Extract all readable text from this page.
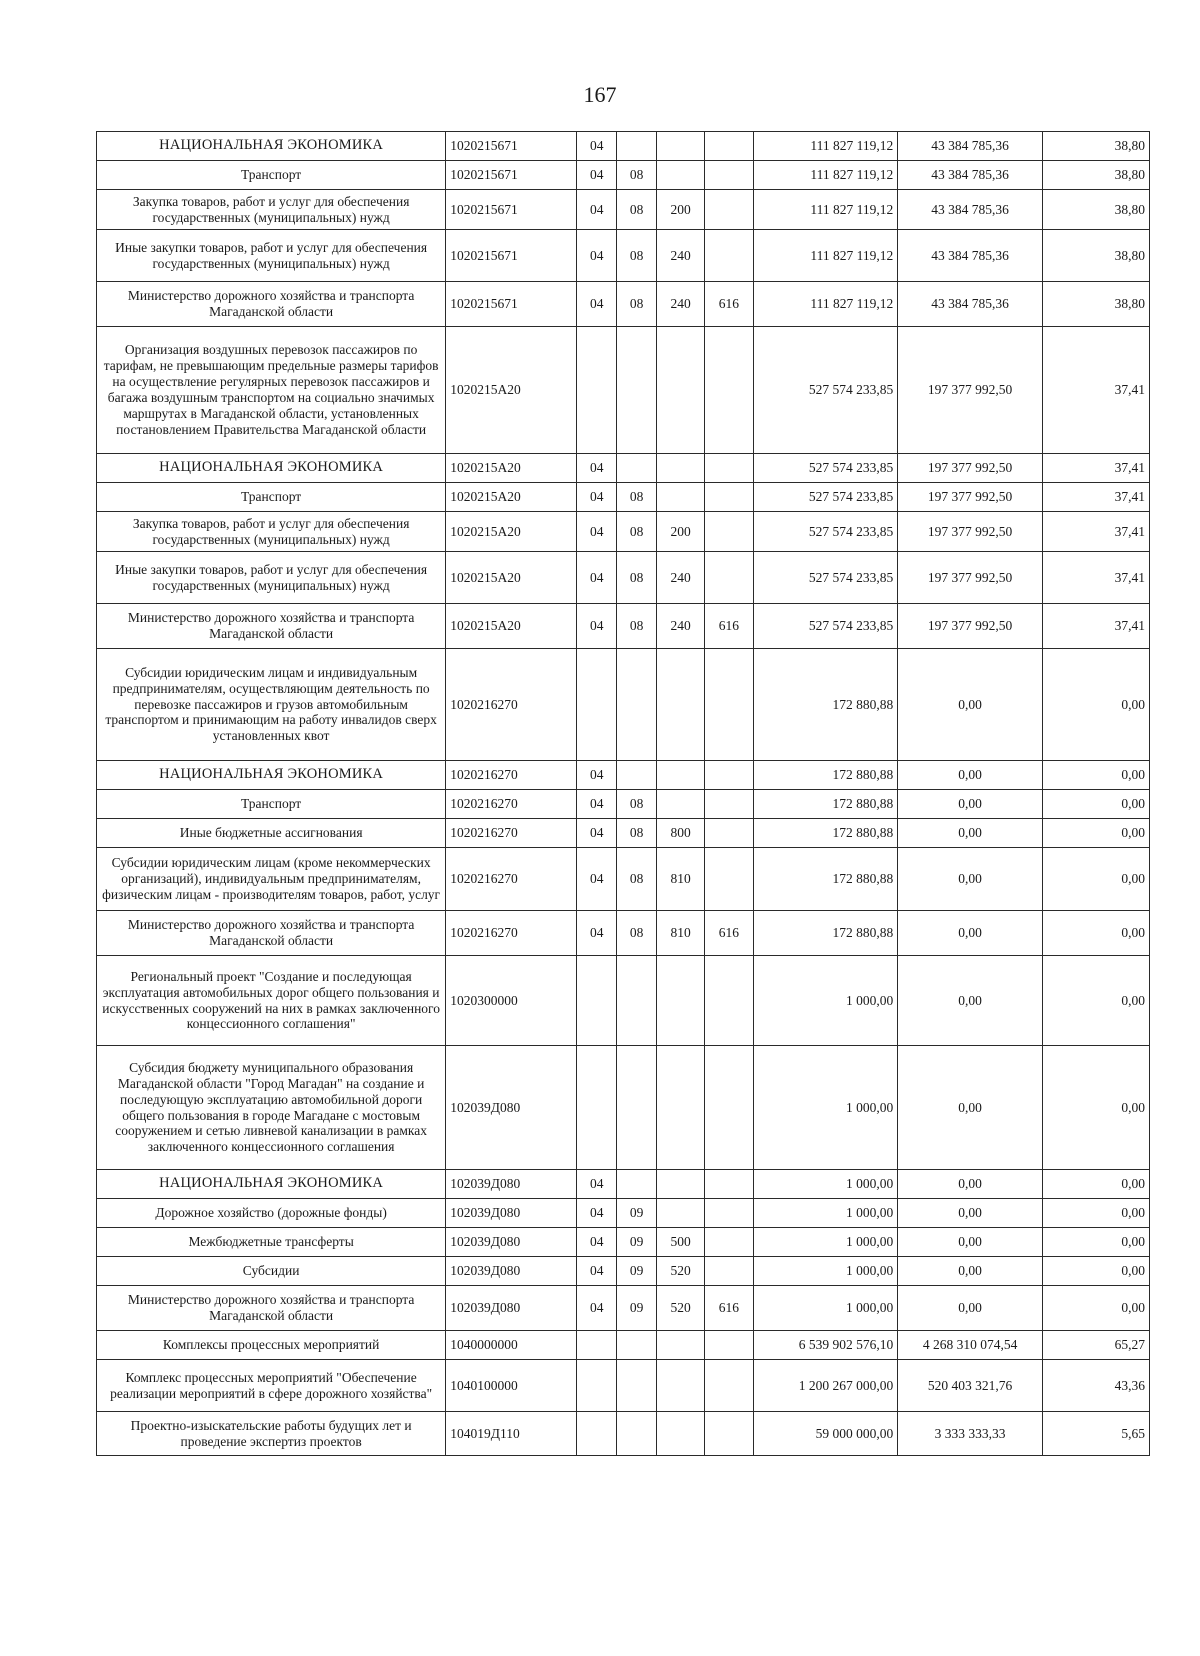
167
НАЦИОНАЛЬНАЯ ЭКОНОМИКА	1020215671	04				111 827 119,12	43 384 785,36	38,80
Транспорт	1020215671	04	08			111 827 119,12	43 384 785,36	38,80
Закупка товаров, работ и услуг для обеспечения государственных (муниципальных) нужд	1020215671	04	08	200		111 827 119,12	43 384 785,36	38,80
Иные закупки товаров, работ и услуг для обеспечения государственных (муниципальных) нужд	1020215671	04	08	240		111 827 119,12	43 384 785,36	38,80
Министерство дорожного хозяйства и транспорта Магаданской области	1020215671	04	08	240	616	111 827 119,12	43 384 785,36	38,80
Организация воздушных перевозок пассажиров по тарифам, не превышающим предельные размеры тарифов на осуществление регулярных перевозок пассажиров и багажа воздушным транспортом на социально значимых маршрутах в Магаданской области, установленных постановлением Правительства Магаданской области	1020215А20					527 574 233,85	197 377 992,50	37,41
НАЦИОНАЛЬНАЯ ЭКОНОМИКА	1020215А20	04				527 574 233,85	197 377 992,50	37,41
Транспорт	1020215А20	04	08			527 574 233,85	197 377 992,50	37,41
Закупка товаров, работ и услуг для обеспечения государственных (муниципальных) нужд	1020215А20	04	08	200		527 574 233,85	197 377 992,50	37,41
Иные закупки товаров, работ и услуг для обеспечения государственных (муниципальных) нужд	1020215А20	04	08	240		527 574 233,85	197 377 992,50	37,41
Министерство дорожного хозяйства и транспорта Магаданской области	1020215А20	04	08	240	616	527 574 233,85	197 377 992,50	37,41
Субсидии юридическим лицам и индивидуальным предпринимателям, осуществляющим деятельность по перевозке пассажиров и грузов автомобильным транспортом и принимающим на работу инвалидов сверх установленных квот	1020216270					172 880,88	0,00	0,00
НАЦИОНАЛЬНАЯ ЭКОНОМИКА	1020216270	04				172 880,88	0,00	0,00
Транспорт	1020216270	04	08			172 880,88	0,00	0,00
Иные бюджетные ассигнования	1020216270	04	08	800		172 880,88	0,00	0,00
Субсидии юридическим лицам (кроме некоммерческих организаций), индивидуальным предпринимателям, физическим лицам - производителям товаров, работ, услуг	1020216270	04	08	810		172 880,88	0,00	0,00
Министерство дорожного хозяйства и транспорта Магаданской области	1020216270	04	08	810	616	172 880,88	0,00	0,00
Региональный проект "Создание и последующая эксплуатация автомобильных дорог общего пользования и искусственных сооружений на них в рамках заключенного концессионного соглашения"	1020300000					1 000,00	0,00	0,00
Субсидия бюджету муниципального образования Магаданской области "Город Магадан" на создание и последующую эксплуатацию автомобильной дороги общего пользования в городе Магадане с мостовым сооружением и сетью ливневой канализации в рамках заключенного концессионного соглашения	102039Д080					1 000,00	0,00	0,00
НАЦИОНАЛЬНАЯ ЭКОНОМИКА	102039Д080	04				1 000,00	0,00	0,00
Дорожное хозяйство (дорожные фонды)	102039Д080	04	09			1 000,00	0,00	0,00
Межбюджетные трансферты	102039Д080	04	09	500		1 000,00	0,00	0,00
Субсидии	102039Д080	04	09	520		1 000,00	0,00	0,00
Министерство дорожного хозяйства и транспорта Магаданской области	102039Д080	04	09	520	616	1 000,00	0,00	0,00
Комплексы процессных мероприятий	1040000000					6 539 902 576,10	4 268 310 074,54	65,27
Комплекс процессных мероприятий "Обеспечение реализации мероприятий в сфере дорожного хозяйства"	1040100000					1 200 267 000,00	520 403 321,76	43,36
Проектно-изыскательские работы будущих лет и проведение экспертиз проектов	104019Д110					59 000 000,00	3 333 333,33	5,65
